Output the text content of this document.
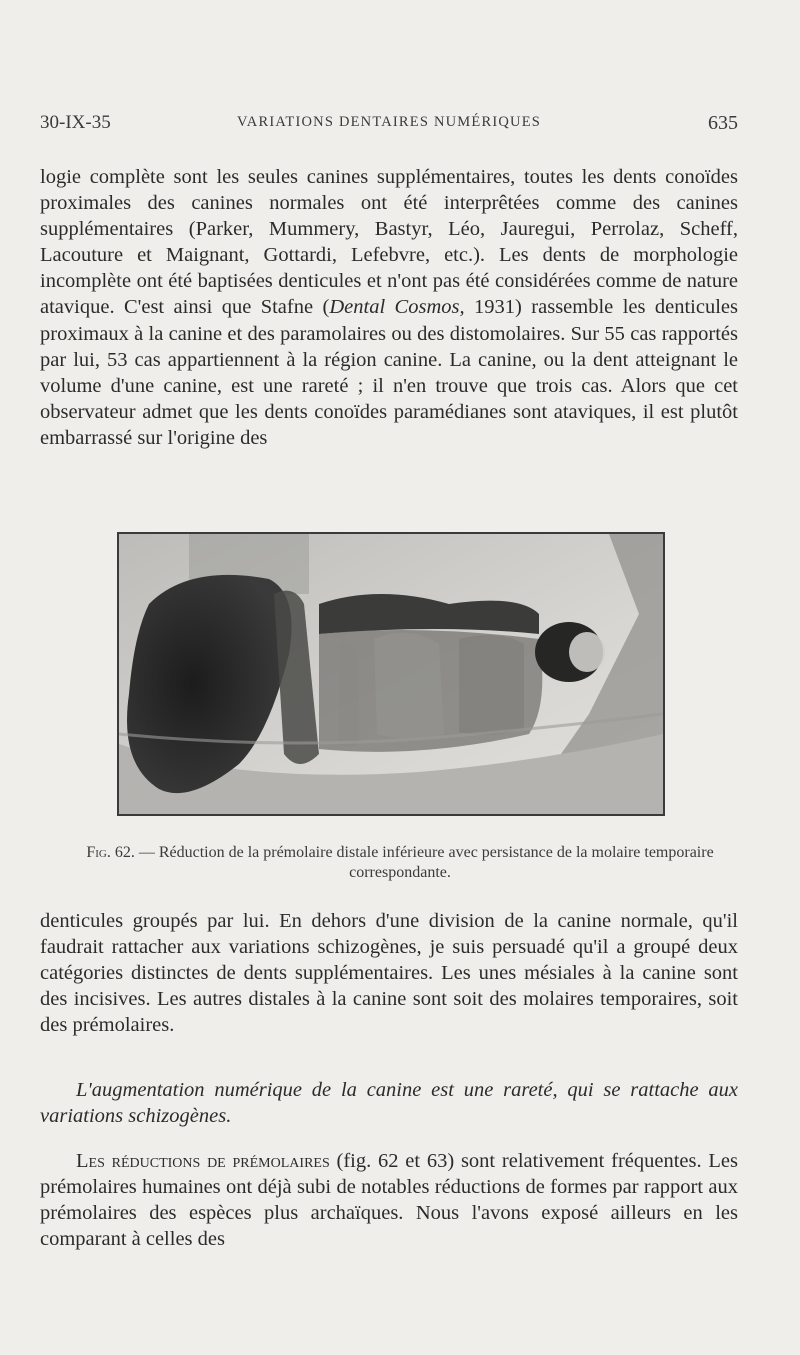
30-IX-35	VARIATIONS DENTAIRES NUMÉRIQUES	635

logie complète sont les seules canines supplémentaires, toutes les dents conoïdes proximales des canines normales ont été interprêtées comme des canines supplémentaires (Parker, Mummery, Bastyr, Léo, Jauregui, Perrolaz, Scheff, Lacouture et Maignant, Gottardi, Lefebvre, etc.). Les dents de morphologie incomplète ont été baptisées denticules et n'ont pas été considérées comme de nature atavique. C'est ainsi que Stafne (Dental Cosmos, 1931) rassemble les denticules proximaux à la canine et des paramolaires ou des distomolaires. Sur 55 cas rapportés par lui, 53 cas appartiennent à la région canine. La canine, ou la dent atteignant le volume d'une canine, est une rareté ; il n'en trouve que trois cas. Alors que cet observateur admet que les dents conoïdes paramédianes sont ataviques, il est plutôt embarrassé sur l'origine des

Fig. 62. — Réduction de la prémolaire distale inférieure avec persistance de la molaire temporaire correspondante.

denticules groupés par lui. En dehors d'une division de la canine normale, qu'il faudrait rattacher aux variations schizogènes, je suis persuadé qu'il a groupé deux catégories distinctes de dents supplémentaires. Les unes mésiales à la canine sont des incisives. Les autres distales à la canine sont soit des molaires temporaires, soit des prémolaires.

L'augmentation numérique de la canine est une rareté, qui se rattache aux variations schizogènes.

Les réductions de prémolaires (fig. 62 et 63) sont relativement fréquentes. Les prémolaires humaines ont déjà subi de notables réductions de formes par rapport aux prémolaires des espèces plus archaïques. Nous l'avons exposé ailleurs en les comparant à celles des
